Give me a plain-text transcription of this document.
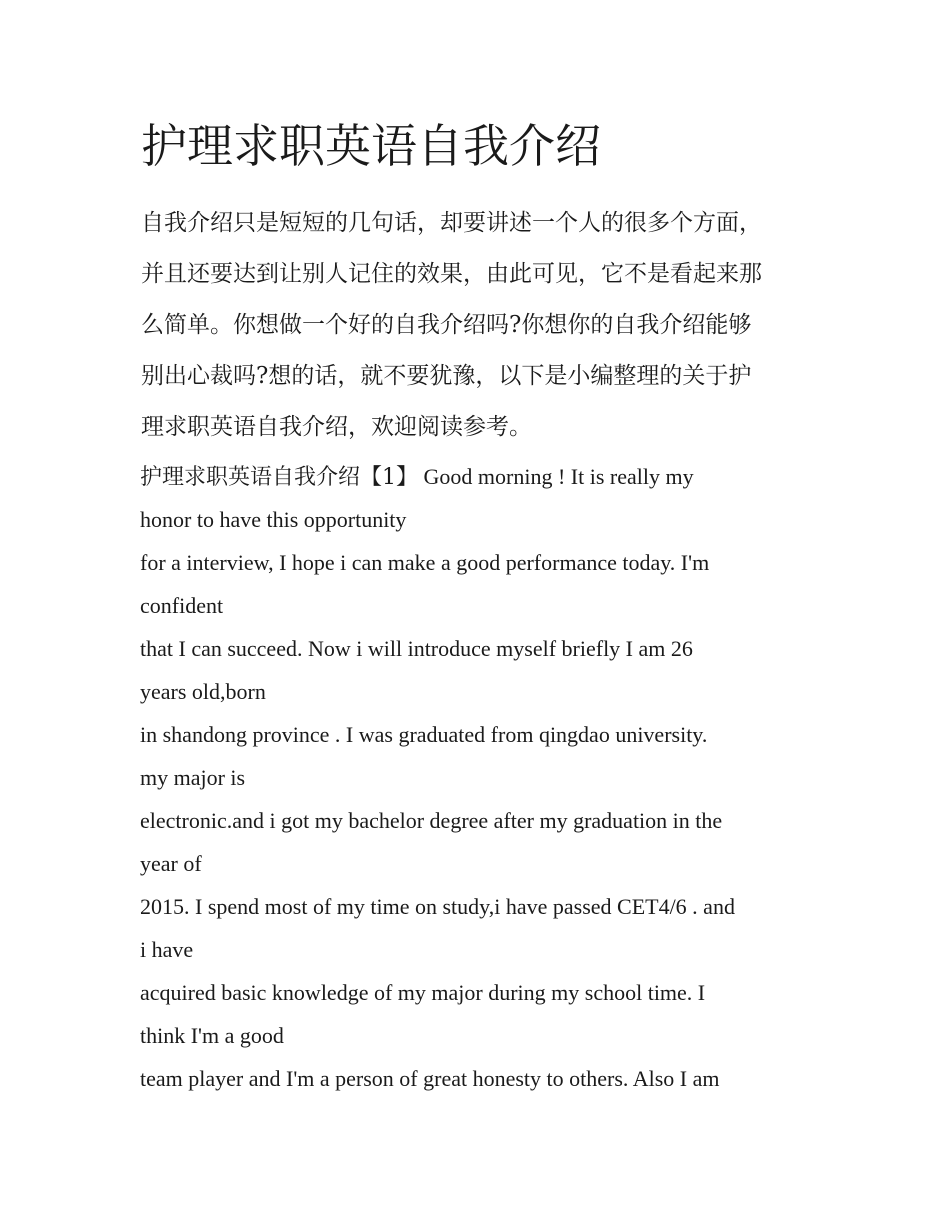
护理求职英语自我介绍
自我介绍只是短短的几句话，却要讲述一个人的很多个方面，
并且还要达到让别人记住的效果，由此可见，它不是看起来那
么简单。你想做一个好的自我介绍吗?你想你的自我介绍能够
别出心裁吗?想的话，就不要犹豫，以下是小编整理的关于护
理求职英语自我介绍，欢迎阅读参考。
护理求职英语自我介绍【1】 Good morning ! It is really my
honor to have this opportunity
for a interview, I hope i can make a good performance today. I'm
confident
that I can succeed. Now i will introduce myself briefly I am 26
years old,born
in shandong province . I was graduated from qingdao university.
my major is
electronic.and i got my bachelor degree after my graduation in the
year of
2015. I spend most of my time on study,i have passed CET4/6 . and
i have
acquired basic knowledge of my major during my school time. I
think I'm a good
team player and I'm a person of great honesty to others. Also I am
